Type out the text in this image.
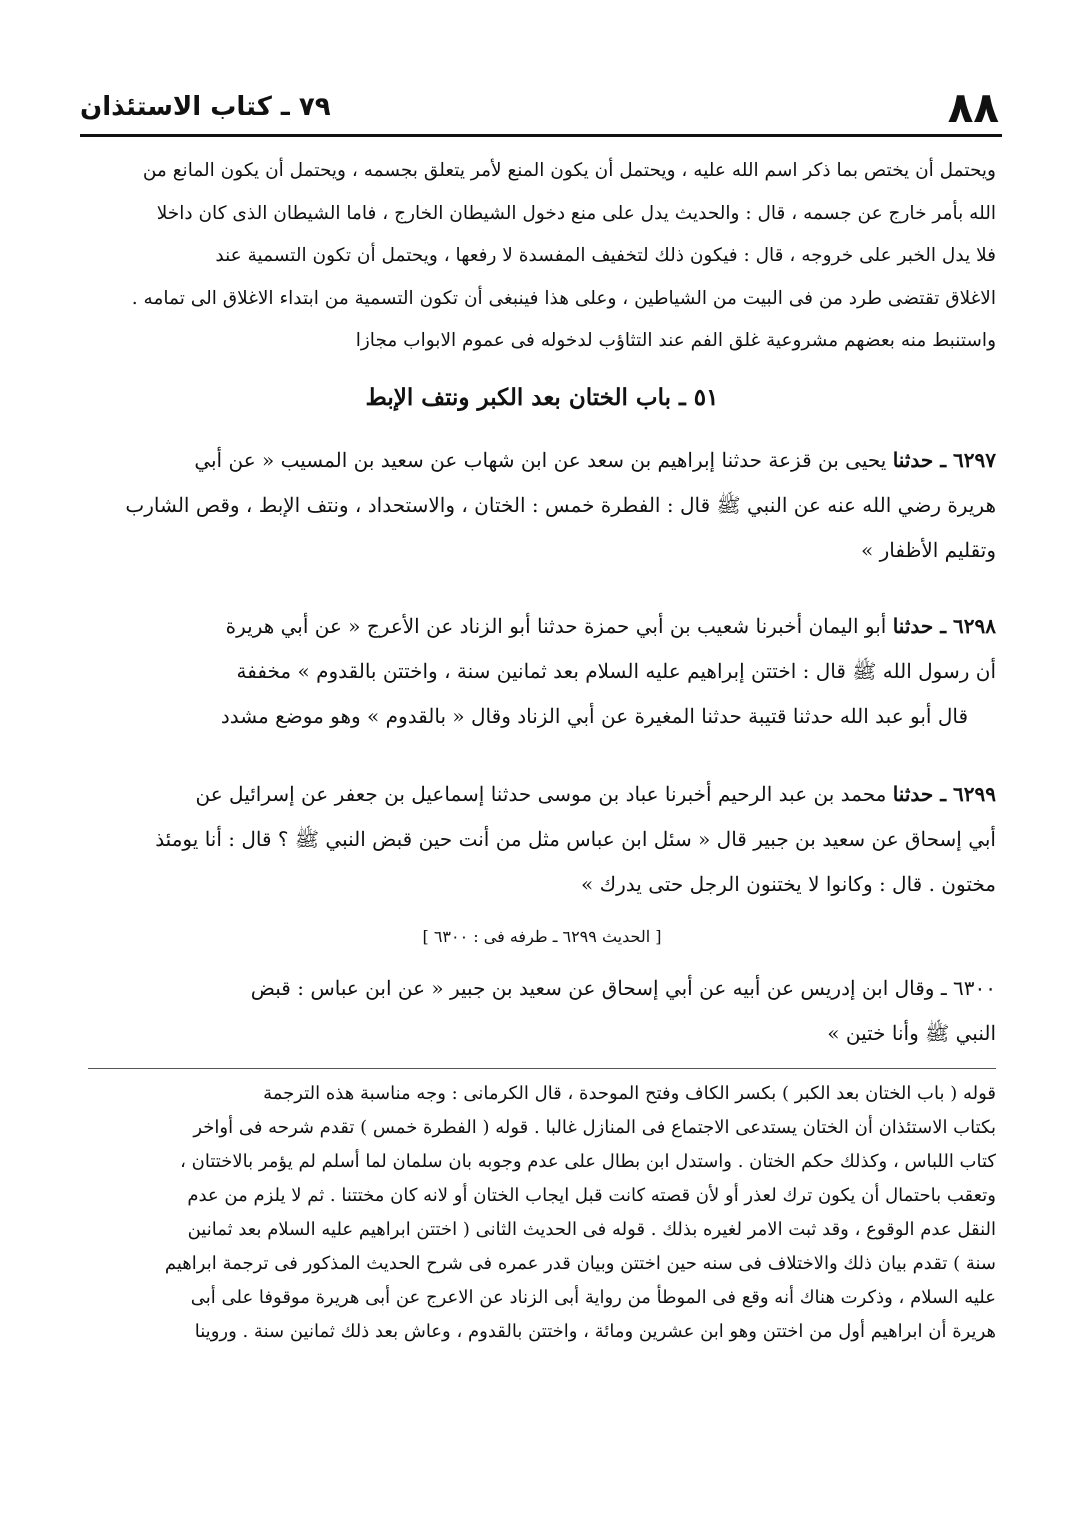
٨٨
٧٩ ـ كتاب الاستئذان
ويحتمل أن يختص بما ذكر اسم الله عليه ، ويحتمل أن يكون المنع لأمر يتعلق بجسمه ، ويحتمل أن يكون المانع من
الله بأمر خارج عن جسمه ، قال : والحديث يدل على منع دخول الشيطان الخارج ، فاما الشيطان الذى كان داخلا
فلا يدل الخبر على خروجه ، قال : فيكون ذلك لتخفيف المفسدة لا رفعها ، ويحتمل أن تكون التسمية عند
الاغلاق تقتضى طرد من فى البيت من الشياطين ، وعلى هذا فينبغى أن تكون التسمية من ابتداء الاغلاق الى تمامه .
واستنبط منه بعضهم مشروعية غلق الفم عند التثاؤب لدخوله فى عموم الابواب مجازا
٥١ ـ باب الختان بعد الكبر ونتف الإبط
٦٢٩٧ ـ حدثنا يحيى بن قزعة حدثنا إبراهيم بن سعد عن ابن شهاب عن سعيد بن المسيب « عن أبي
هريرة رضي الله عنه عن النبي ﷺ قال : الفطرة خمس : الختان ، والاستحداد ، ونتف الإبط ، وقص الشارب
وتقليم الأظفار »
٦٢٩٨ ـ حدثنا أبو اليمان أخبرنا شعيب بن أبي حمزة حدثنا أبو الزناد عن الأعرج « عن أبي هريرة
أن رسول الله ﷺ قال : اختتن إبراهيم عليه السلام بعد ثمانين سنة ، واختتن بالقدوم » مخففة
قال أبو عبد الله حدثنا قتيبة حدثنا المغيرة عن أبي الزناد وقال « بالقدوم » وهو موضع مشدد
٦٢٩٩ ـ حدثنا محمد بن عبد الرحيم أخبرنا عباد بن موسى حدثنا إسماعيل بن جعفر عن إسرائيل عن
أبي إسحاق عن سعيد بن جبير قال « سئل ابن عباس مثل من أنت حين قبض النبي ﷺ ؟ قال : أنا يومئذ
مختون . قال : وكانوا لا يختنون الرجل حتى يدرك »
[ الحديث ٦٢٩٩ ـ طرفه فى : ٦٣٠٠ ]
٦٣٠٠ ـ وقال ابن إدريس عن أبيه عن أبي إسحاق عن سعيد بن جبير « عن ابن عباس : قبض
النبي ﷺ وأنا ختين »
قوله ( باب الختان بعد الكبر ) بكسر الكاف وفتح الموحدة ، قال الكرمانى : وجه مناسبة هذه الترجمة
بكتاب الاستئذان أن الختان يستدعى الاجتماع فى المنازل غالبا . قوله ( الفطرة خمس ) تقدم شرحه فى أواخر
كتاب اللباس ، وكذلك حكم الختان . واستدل ابن بطال على عدم وجوبه بان سلمان لما أسلم لم يؤمر بالاختتان ،
وتعقب باحتمال أن يكون ترك لعذر أو لأن قصته كانت قبل ايجاب الختان أو لانه كان مختتنا . ثم لا يلزم من عدم
النقل عدم الوقوع ، وقد ثبت الامر لغيره بذلك . قوله فى الحديث الثانى ( اختتن ابراهيم عليه السلام بعد ثمانين
سنة ) تقدم بيان ذلك والاختلاف فى سنه حين اختتن وبيان قدر عمره فى شرح الحديث المذكور فى ترجمة ابراهيم
عليه السلام ، وذكرت هناك أنه وقع فى الموطأ من رواية أبى الزناد عن الاعرج عن أبى هريرة موقوفا على أبى
هريرة أن ابراهيم أول من اختتن وهو ابن عشرين ومائة ، واختتن بالقدوم ، وعاش بعد ذلك ثمانين سنة . وروينا
